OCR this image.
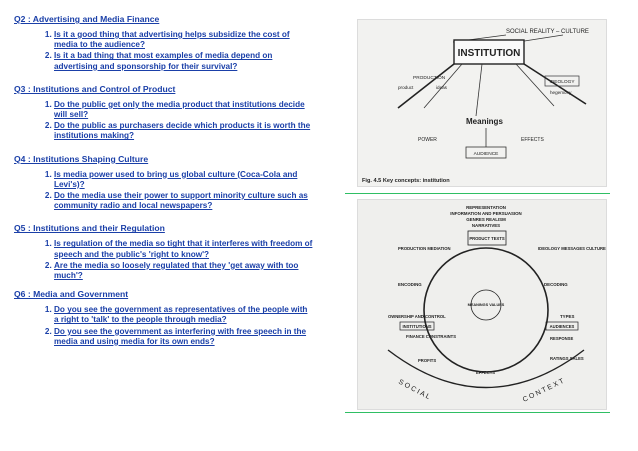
Q2 : Advertising and Media Finance

1. Is it a good thing that advertising helps subsidize the cost of media to the audience?
2. Is it a bad thing that most examples of media depend on advertising and sponsorship for their survival?

Q3 : Institutions and Control of Product

1. Do the public get only the media product that institutions decide will sell?
2. Do the public as purchasers decide which products it is worth the institutions making?

Q4 : Institutions Shaping Culture

1. Is media power used to bring us global culture (Coca-Cola and Levi's)?
2. Do the media use their power to support minority culture such as community radio and local newspapers?

Q5 : Institutions and their Regulation

1. Is regulation of the media so tight that it interferes with freedom of speech and the public's 'right to know'?
2. Are the media so loosely regulated that they 'get away with too much'?

Q6 : Media and Government

1. Do you see the government as representatives of the people with a right to 'talk' to the people through media?
2. Do you see the government as interfering with free speech in the media and using media for its own ends?
SOCIAL REALITY – CULTURE
INSTITUTION
PRODUCTION
product	ideas
IDEOLOGY
hegemony
Meanings
POWER	EFFECTS
AUDIENCE
Fig. 4.5 Key concepts: institution
REPRESENTATION
INFORMATION AND PERSUASION
GENRES REALISM
NARRATIVES
PRODUCT TEXTS
PRODUCTION MEDIATION	IDEOLOGY MESSAGES CULTURE
ENCODING	DECODING
MEANINGS VALUES
OWNERSHIP AND CONTROL
INSTITUTIONS
FINANCE CONSTRAINTS
TYPES
AUDIENCES
RESPONSE
PROFITS
EFFECTS
RATINGS SALES
S O C I A L	C O N T E X T
